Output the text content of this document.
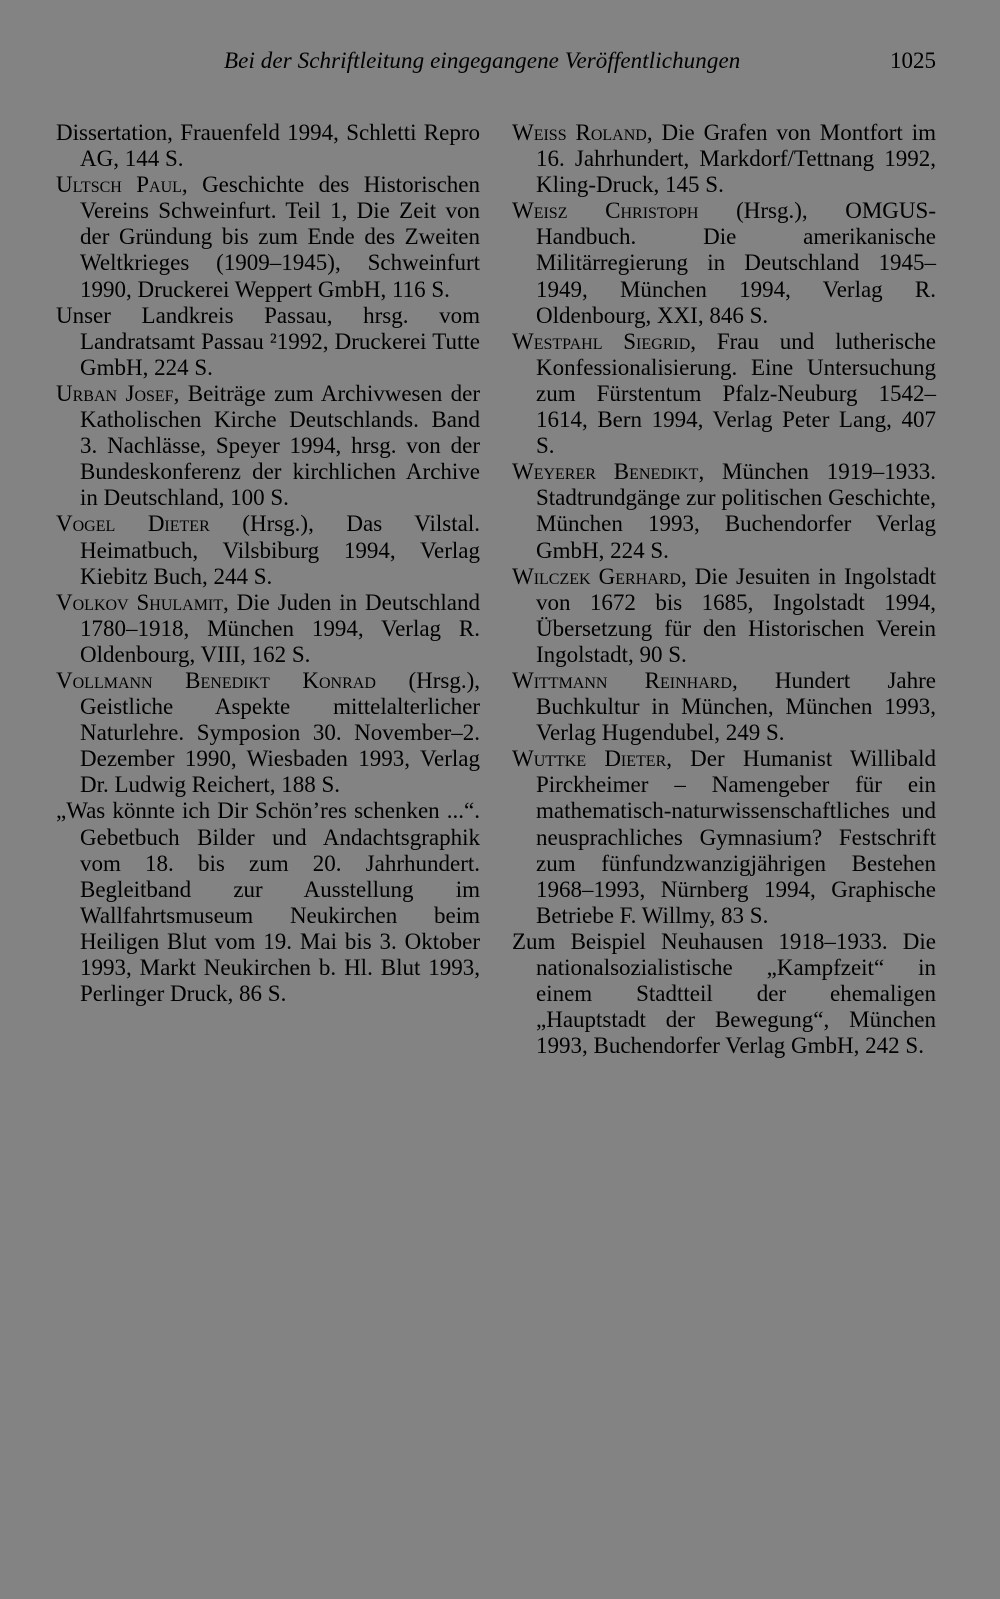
Bei der Schriftleitung eingegangene Veröffentlichungen	1025

Dissertation, Frauenfeld 1994, Schletti Repro AG, 144 S.

Ultsch Paul, Geschichte des Historischen Vereins Schweinfurt. Teil 1, Die Zeit von der Gründung bis zum Ende des Zweiten Weltkrieges (1909–1945), Schweinfurt 1990, Druckerei Weppert GmbH, 116 S.

Unser Landkreis Passau, hrsg. vom Landratsamt Passau ²1992, Druckerei Tutte GmbH, 224 S.

Urban Josef, Beiträge zum Archivwesen der Katholischen Kirche Deutschlands. Band 3. Nachlässe, Speyer 1994, hrsg. von der Bundeskonferenz der kirchlichen Archive in Deutschland, 100 S.

Vogel Dieter (Hrsg.), Das Vilstal. Heimatbuch, Vilsbiburg 1994, Verlag Kiebitz Buch, 244 S.

Volkov Shulamit, Die Juden in Deutschland 1780–1918, München 1994, Verlag R. Oldenbourg, VIII, 162 S.

Vollmann Benedikt Konrad (Hrsg.), Geistliche Aspekte mittelalterlicher Naturlehre. Symposion 30. November–2. Dezember 1990, Wiesbaden 1993, Verlag Dr. Ludwig Reichert, 188 S.

„Was könnte ich Dir Schön’res schenken ...“. Gebetbuch Bilder und Andachtsgraphik vom 18. bis zum 20. Jahrhundert. Begleitband zur Ausstellung im Wallfahrtsmuseum Neukirchen beim Heiligen Blut vom 19. Mai bis 3. Oktober 1993, Markt Neukirchen b. Hl. Blut 1993, Perlinger Druck, 86 S.

Weiss Roland, Die Grafen von Montfort im 16. Jahrhundert, Markdorf/Tettnang 1992, Kling-Druck, 145 S.

Weisz Christoph (Hrsg.), OMGUS-Handbuch. Die amerikanische Militärregierung in Deutschland 1945–1949, München 1994, Verlag R. Oldenbourg, XXI, 846 S.

Westpahl Siegrid, Frau und lutherische Konfessionalisierung. Eine Untersuchung zum Fürstentum Pfalz-Neuburg 1542–1614, Bern 1994, Verlag Peter Lang, 407 S.

Weyerer Benedikt, München 1919–1933. Stadtrundgänge zur politischen Geschichte, München 1993, Buchendorfer Verlag GmbH, 224 S.

Wilczek Gerhard, Die Jesuiten in Ingolstadt von 1672 bis 1685, Ingolstadt 1994, Übersetzung für den Historischen Verein Ingolstadt, 90 S.

Wittmann Reinhard, Hundert Jahre Buchkultur in München, München 1993, Verlag Hugendubel, 249 S.

Wuttke Dieter, Der Humanist Willibald Pirckheimer – Namengeber für ein mathematisch-naturwissenschaftliches und neusprachliches Gymnasium? Festschrift zum fünfundzwanzigjährigen Bestehen 1968–1993, Nürnberg 1994, Graphische Betriebe F. Willmy, 83 S.

Zum Beispiel Neuhausen 1918–1933. Die nationalsozialistische „Kampfzeit“ in einem Stadtteil der ehemaligen „Hauptstadt der Bewegung“, München 1993, Buchendorfer Verlag GmbH, 242 S.
